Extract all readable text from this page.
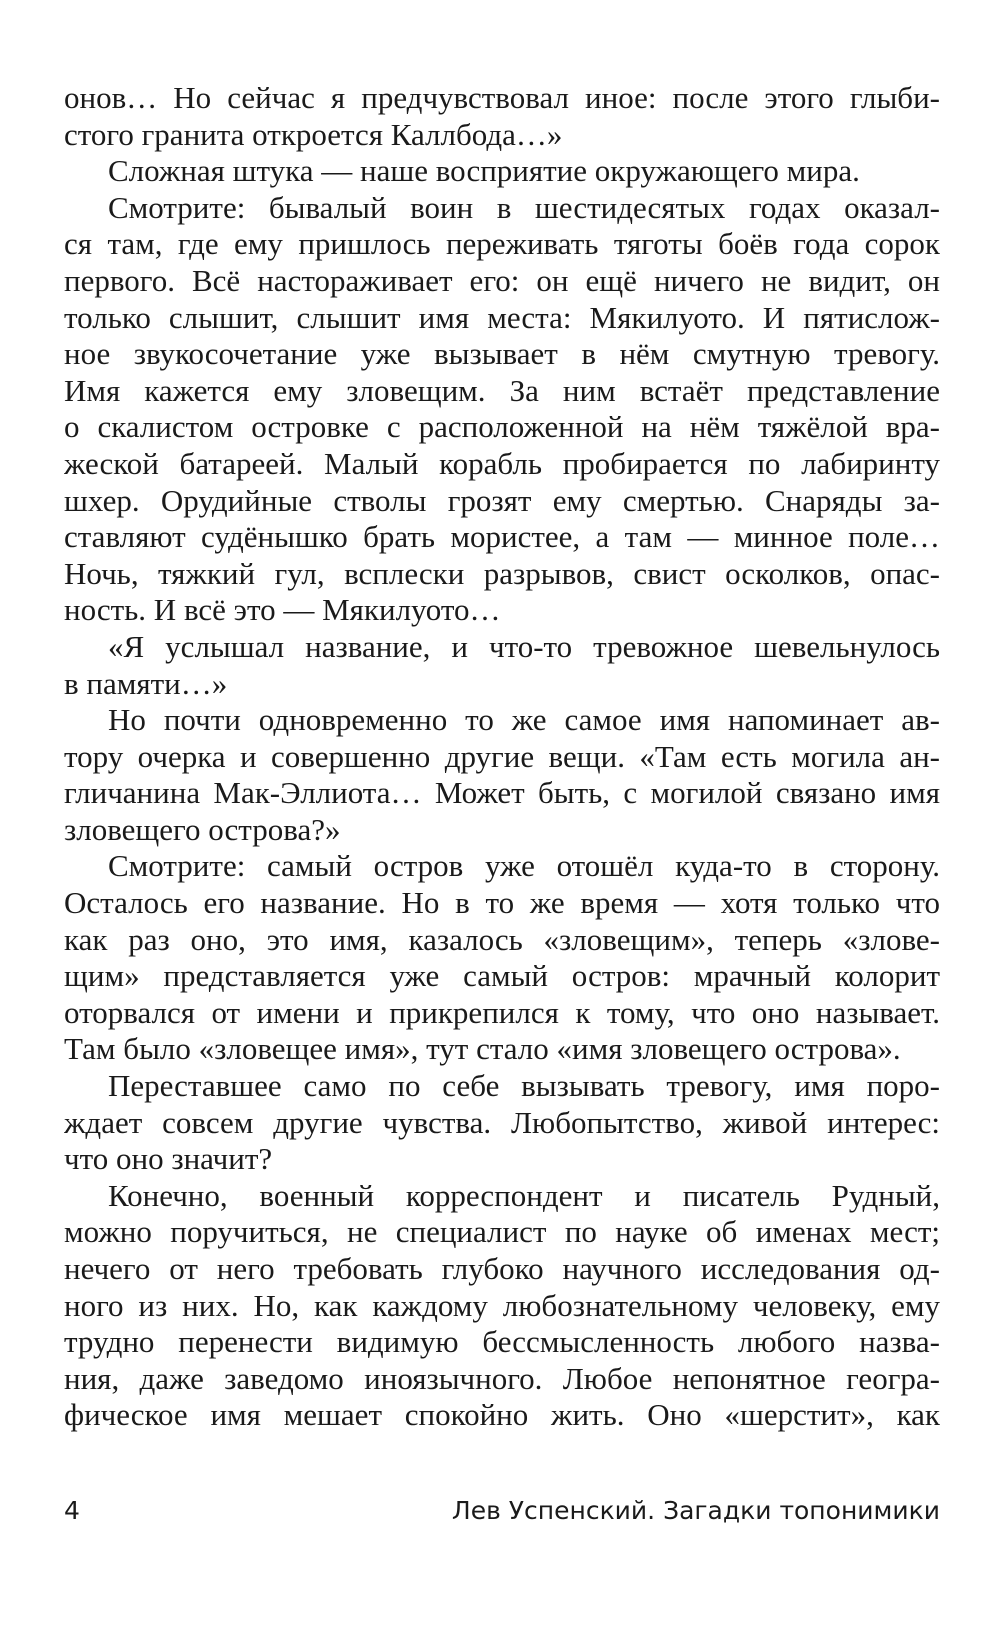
онов… Но сейчас я предчувствовал иное: после этого глыби-
стого гранита откроется Каллбода…»
Сложная штука — наше восприятие окружающего мира.
Смотрите: бывалый воин в шестидесятых годах оказал-
ся там, где ему пришлось переживать тяготы боёв года сорок
первого. Всё настораживает его: он ещё ничего не видит, он
только слышит, слышит имя места: Мякилуото. И пятислож-
ное звукосочетание уже вызывает в нём смутную тревогу.
Имя кажется ему зловещим. За ним встаёт представление
о скалистом островке с расположенной на нём тяжёлой вра-
жеской батареей. Малый корабль пробирается по лабиринту
шхер. Орудийные стволы грозят ему смертью. Снаряды за-
ставляют судёнышко брать мористее, а там — минное поле…
Ночь, тяжкий гул, всплески разрывов, свист осколков, опас-
ность. И всё это — Мякилуото…
«Я услышал название, и что-то тревожное шевельнулось
в памяти…»
Но почти одновременно то же самое имя напоминает ав-
тору очерка и совершенно другие вещи. «Там есть могила ан-
гличанина Мак-Эллиота… Может быть, с могилой связано имя
зловещего острова?»
Смотрите: самый остров уже отошёл куда-то в сторону.
Осталось его название. Но в то же время — хотя только что
как раз оно, это имя, казалось «зловещим», теперь «злове-
щим» представляется уже самый остров: мрачный колорит
оторвался от имени и прикрепился к тому, что оно называет.
Там было «зловещее имя», тут стало «имя зловещего острова».
Переставшее само по себе вызывать тревогу, имя поро-
ждает совсем другие чувства. Любопытство, живой интерес:
что оно значит?
Конечно, военный корреспондент и писатель Рудный,
можно поручиться, не специалист по науке об именах мест;
нечего от него требовать глубоко научного исследования од-
ного из них. Но, как каждому любознательному человеку, ему
трудно перенести видимую бессмысленность любого назва-
ния, даже заведомо иноязычного. Любое непонятное геогра-
фическое имя мешает спокойно жить. Оно «шерстит», как
4	Лев Успенский. Загадки топонимики
